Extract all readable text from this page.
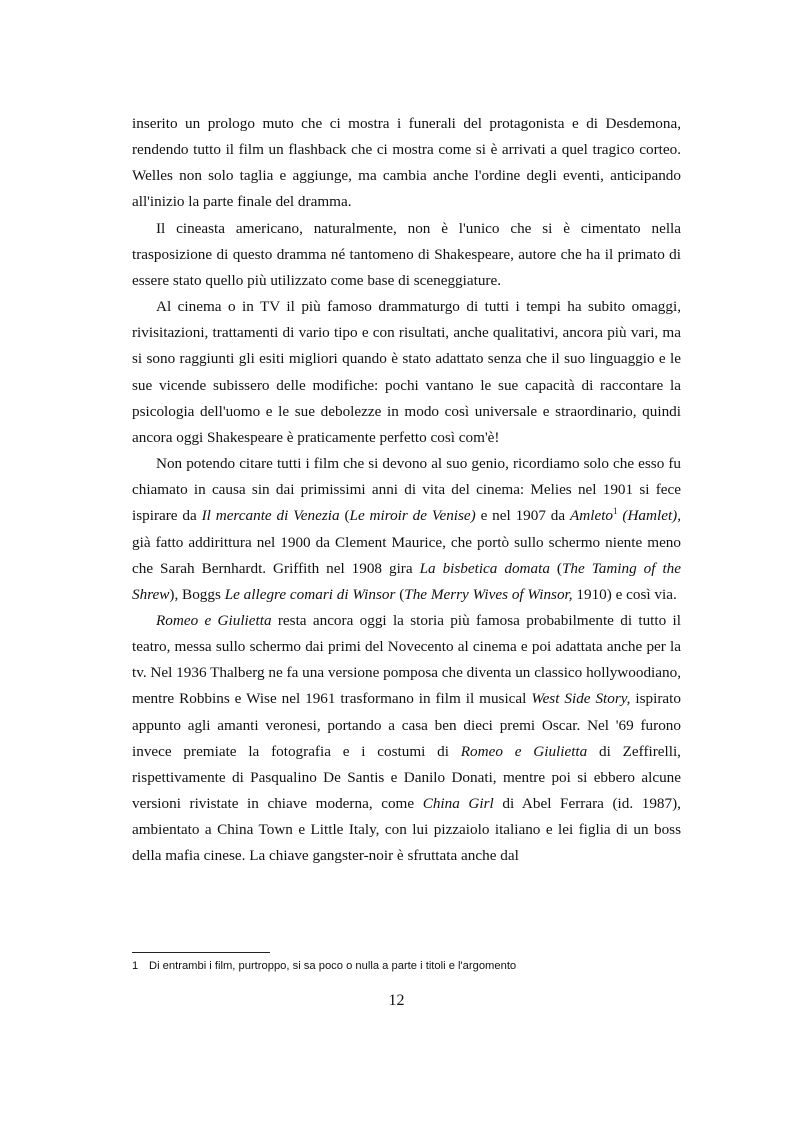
inserito un prologo muto che ci mostra i funerali del protagonista e di Desdemona, rendendo tutto il film un flashback che ci mostra come si è arrivati a quel tragico corteo. Welles non solo taglia e aggiunge, ma cambia anche l'ordine degli eventi, anticipando all'inizio la parte finale del dramma.

Il cineasta americano, naturalmente, non è l'unico che si è cimentato nella trasposizione di questo dramma né tantomeno di Shakespeare, autore che ha il primato di essere stato quello più utilizzato come base di sceneggiature.

Al cinema o in TV il più famoso drammaturgo di tutti i tempi ha subito omaggi, rivisitazioni, trattamenti di vario tipo e con risultati, anche qualitativi, ancora più vari, ma si sono raggiunti gli esiti migliori quando è stato adattato senza che il suo linguaggio e le sue vicende subissero delle modifiche: pochi vantano le sue capacità di raccontare la psicologia dell'uomo e le sue debolezze in modo così universale e straordinario, quindi ancora oggi Shakespeare è praticamente perfetto così com'è!

Non potendo citare tutti i film che si devono al suo genio, ricordiamo solo che esso fu chiamato in causa sin dai primissimi anni di vita del cinema: Melies nel 1901 si fece ispirare da Il mercante di Venezia (Le miroir de Venise) e nel 1907 da Amleto$^1$ (Hamlet), già fatto addirittura nel 1900 da Clement Maurice, che portò sullo schermo niente meno che Sarah Bernhardt. Griffith nel 1908 gira La bisbetica domata (The Taming of the Shrew), Boggs Le allegre comari di Winsor (The Merry Wives of Winsor, 1910) e così via.

Romeo e Giulietta resta ancora oggi la storia più famosa probabilmente di tutto il teatro, messa sullo schermo dai primi del Novecento al cinema e poi adattata anche per la tv. Nel 1936 Thalberg ne fa una versione pomposa che diventa un classico hollywoodiano, mentre Robbins e Wise nel 1961 trasformano in film il musical West Side Story, ispirato appunto agli amanti veronesi, portando a casa ben dieci premi Oscar. Nel '69 furono invece premiate la fotografia e i costumi di Romeo e Giulietta di Zeffirelli, rispettivamente di Pasqualino De Santis e Danilo Donati, mentre poi si ebbero alcune versioni rivistate in chiave moderna, come China Girl di Abel Ferrara (id. 1987), ambientato a China Town e Little Italy, con lui pizzaiolo italiano e lei figlia di un boss della mafia cinese. La chiave gangster-noir è sfruttata anche dal

1 Di entrambi i film, purtroppo, si sa poco o nulla a parte i titoli e l'argomento
12
